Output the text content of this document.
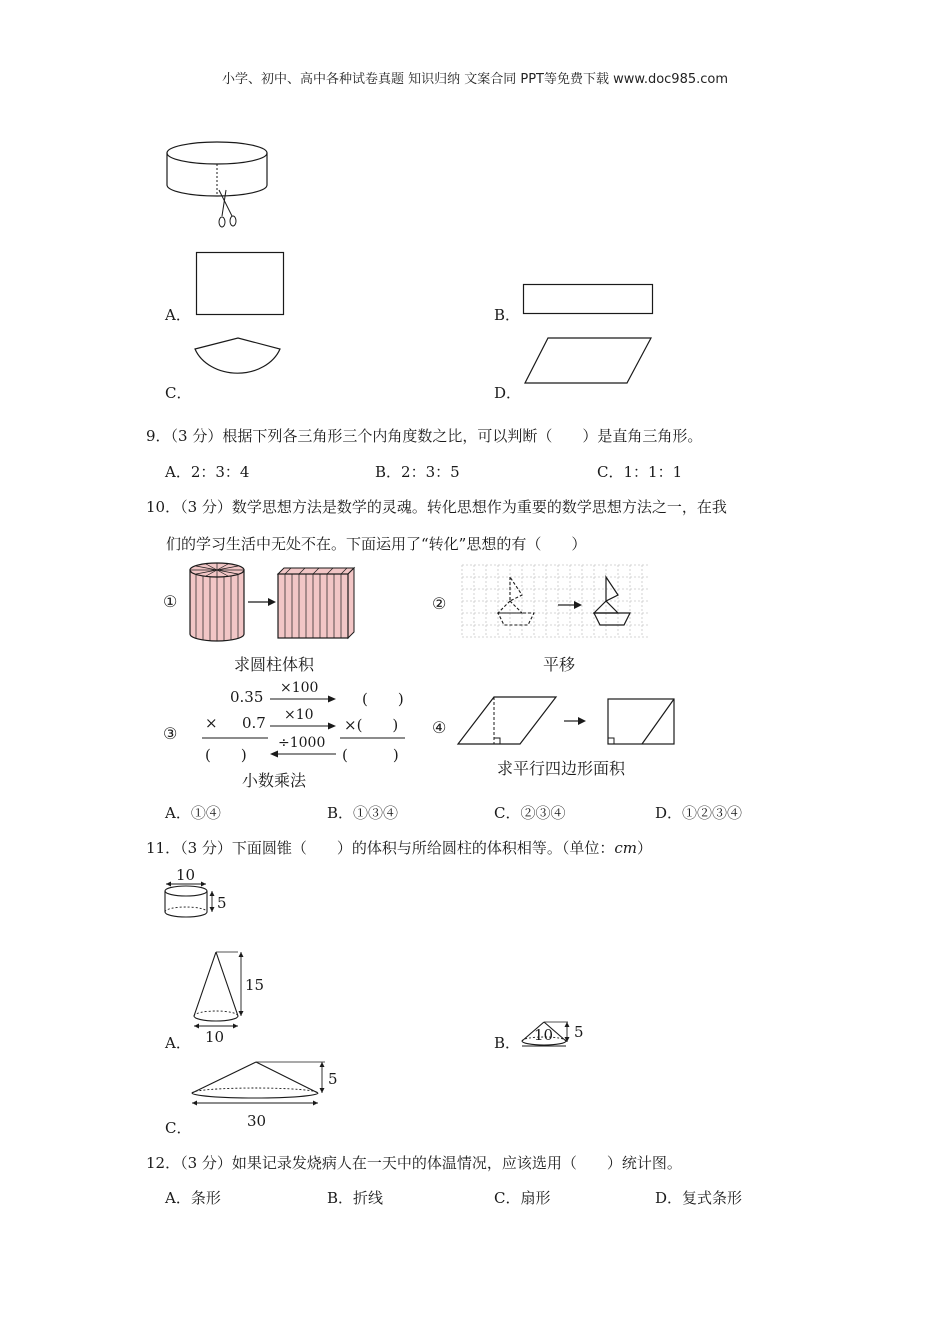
小学、初中、高中各种试卷真题 知识归纳 文案合同 PPT等免费下载 www.doc985.com
A．	B．
C．	D．
9．（3 分）根据下列各三角形三个内角度数之比，可以判断（　　）是直角三角形。
A．2：3：4	B．2：3：5	C．1：1：1
10．（3 分）数学思想方法是数学的灵魂。转化思想作为重要的数学思想方法之一，在我
们的学习生活中无处不在。下面运用了“转化”思想的有（　　）
①
求圆柱体积
②
平移
③
0.35
× 0.7
(　　)
×100
×10
÷1000
(　　)
×(　　)
(　　　)
小数乘法
④
求平行四边形面积
A．①④	B．①③④	C．②③④	D．①②③④
11．（3 分）下面圆锥（　　）的体积与所给圆柱的体积相等。（单位：cm）
10
5
A．
15
10	B．
5
10
C．
5
30
12．（3 分）如果记录发烧病人在一天中的体温情况，应该选用（　　）统计图。
A．条形	B．折线	C．扇形	D．复式条形
